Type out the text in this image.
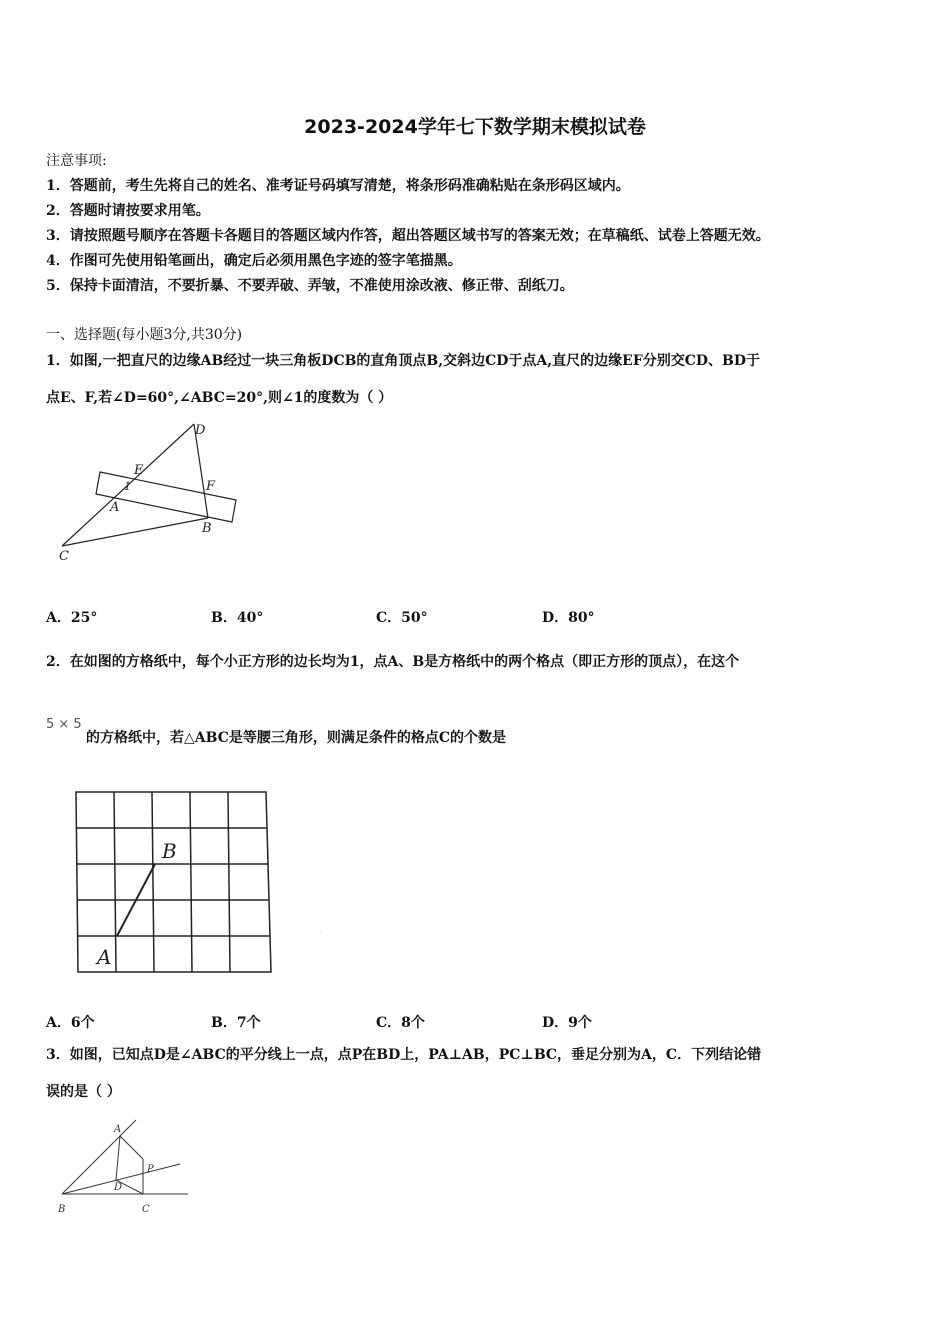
2023-2024学年七下数学期末模拟试卷
注意事项:
1．答题前，考生先将自己的姓名、准考证号码填写清楚，将条形码准确粘贴在条形码区域内。
2．答题时请按要求用笔。
3．请按照题号顺序在答题卡各题目的答题区域内作答，超出答题区域书写的答案无效；在草稿纸、试卷上答题无效。
4．作图可先使用铅笔画出，确定后必须用黑色字迹的签字笔描黑。
5．保持卡面清洁，不要折暴、不要弄破、弄皱，不准使用涂改液、修正带、刮纸刀。
一、选择题(每小题3分,共30分)
1．如图,一把直尺的边缘AB经过一块三角板DCB的直角顶点B,交斜边CD于点A,直尺的边缘EF分别交CD、BD于
点E、F,若∠D=60°,∠ABC=20°,则∠1的度数为（ ）
D
E
1	F
A
B
C
A．25°	B．40°	C．50°	D．80°
2．在如图的方格纸中，每个小正方形的边长均为1，点A、B是方格纸中的两个格点（即正方形的顶点），在这个
5 × 5
的方格纸中，若△ABC是等腰三角形，则满足条件的格点C的个数是
B
A
·
A．6个	B．7个	C．8个	D．9个
3．如图，已知点D是∠ABC的平分线上一点，点P在BD上，PA⊥AB，PC⊥BC，垂足分别为A，C．下列结论错
误的是（ ）
A
P
D
B	C
